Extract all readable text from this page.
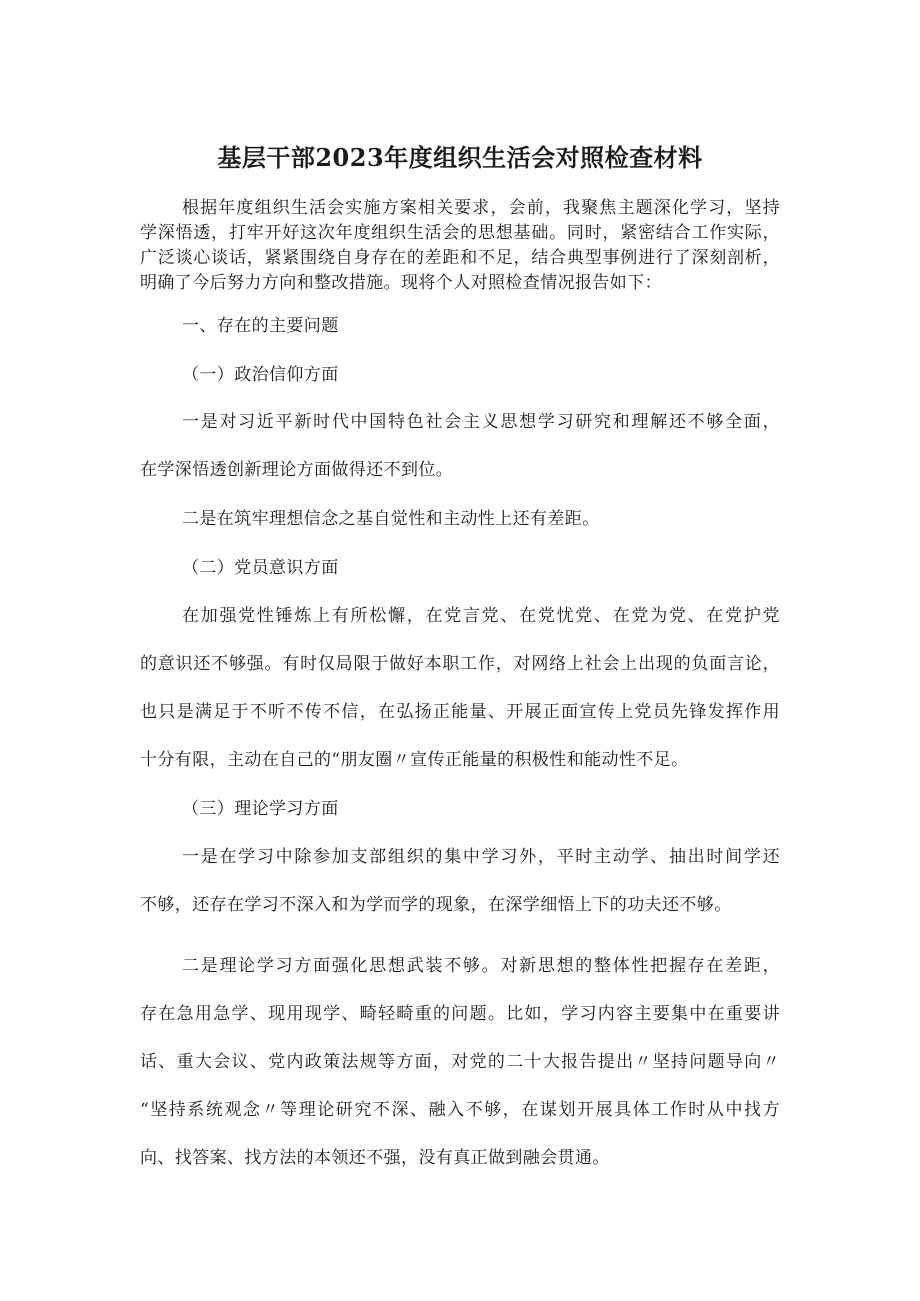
基层干部2023年度组织生活会对照检查材料
根据年度组织生活会实施方案相关要求，会前，我聚焦主题深化学习，坚持
学深悟透，打牢开好这次年度组织生活会的思想基础。同时，紧密结合工作实际，
广泛谈心谈话，紧紧围绕自身存在的差距和不足，结合典型事例进行了深刻剖析，
明确了今后努力方向和整改措施。现将个人对照检查情况报告如下：
一、存在的主要问题
（一）政治信仰方面
一是对习近平新时代中国特色社会主义思想学习研究和理解还不够全面，
在学深悟透创新理论方面做得还不到位。
二是在筑牢理想信念之基自觉性和主动性上还有差距。
（二）党员意识方面
在加强党性锤炼上有所松懈，在党言党、在党忧党、在党为党、在党护党
的意识还不够强。有时仅局限于做好本职工作，对网络上社会上出现的负面言论，
也只是满足于不听不传不信，在弘扬正能量、开展正面宣传上党员先锋发挥作用
十分有限，主动在自己的“朋友圈〃宣传正能量的积极性和能动性不足。
（三）理论学习方面
一是在学习中除参加支部组织的集中学习外，平时主动学、抽出时间学还
不够，还存在学习不深入和为学而学的现象，在深学细悟上下的功夫还不够。
二是理论学习方面强化思想武装不够。对新思想的整体性把握存在差距，
存在急用急学、现用现学、畸轻畸重的问题。比如，学习内容主要集中在重要讲
话、重大会议、党内政策法规等方面，对党的二十大报告提出〃坚持问题导向〃
“坚持系统观念〃等理论研究不深、融入不够，在谋划开展具体工作时从中找方
向、找答案、找方法的本领还不强，没有真正做到融会贯通。
